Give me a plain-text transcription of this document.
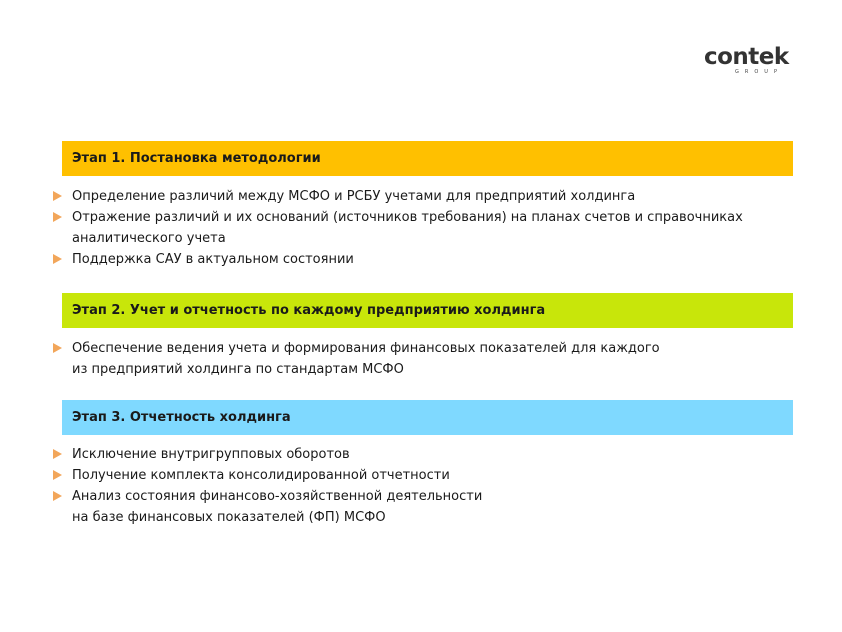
contek
GROUP
Этап 1. Постановка методологии
Определение различий между МСФО и РСБУ учетами для предприятий холдинга
Отражение различий и их оснований (источников требования) на планах счетов и справочниках
аналитического учета
Поддержка САУ в актуальном состоянии
Этап 2. Учет и отчетность по каждому предприятию холдинга
Обеспечение ведения учета и формирования финансовых показателей для каждого
из предприятий холдинга по стандартам МСФО
Этап 3. Отчетность холдинга
Исключение внутригрупповых оборотов
Получение комплекта консолидированной отчетности
Анализ состояния финансово-хозяйственной деятельности
на базе финансовых показателей (ФП) МСФО
